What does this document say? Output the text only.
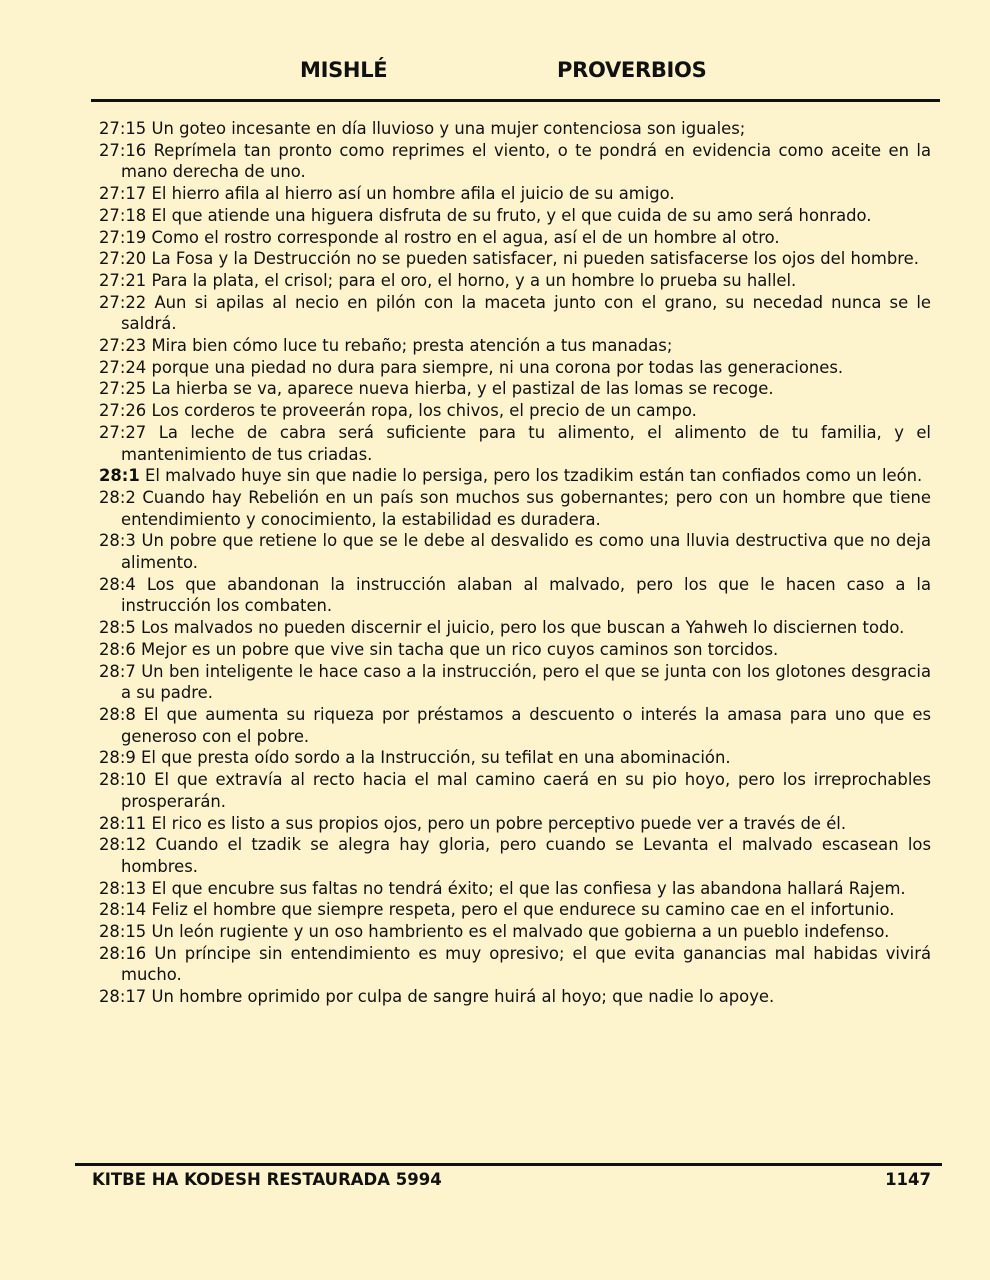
MISHLÉ	PROVERBIOS
27:15 Un goteo incesante en día lluvioso y una mujer contenciosa son iguales;
27:16 Reprímela tan pronto como reprimes el viento, o te pondrá en evidencia como aceite en la mano derecha de uno.
27:17 El hierro afila al hierro así un hombre afila el juicio de su amigo.
27:18 El que atiende una higuera disfruta de su fruto, y el que cuida de su amo será honrado.
27:19 Como el rostro corresponde al rostro en el agua, así el de un hombre al otro.
27:20 La Fosa y la Destrucción no se pueden satisfacer, ni pueden satisfacerse los ojos del hombre.
27:21 Para la plata, el crisol; para el oro, el horno, y a un hombre lo prueba su hallel.
27:22 Aun si apilas al necio en pilón con la maceta junto con el grano, su necedad nunca se le saldrá.
27:23 Mira bien cómo luce tu rebaño; presta atención a tus manadas;
27:24 porque una piedad no dura para siempre, ni una corona por todas las generaciones.
27:25 La hierba se va, aparece nueva hierba, y el pastizal de las lomas se recoge.
27:26 Los corderos te proveerán ropa, los chivos, el precio de un campo.
27:27 La leche de cabra será suficiente para tu alimento, el alimento de tu familia, y el mantenimiento de tus criadas.
28:1 El malvado huye sin que nadie lo persiga, pero los tzadikim están tan confiados como un león.
28:2 Cuando hay Rebelión en un país son muchos sus gobernantes; pero con un hombre que tiene entendimiento y conocimiento, la estabilidad es duradera.
28:3 Un pobre que retiene lo que se le debe al desvalido es como una lluvia destructiva que no deja alimento.
28:4 Los que abandonan la instrucción alaban al malvado, pero los que le hacen caso a la instrucción los combaten.
28:5 Los malvados no pueden discernir el juicio, pero los que buscan a Yahweh lo disciernen todo.
28:6 Mejor es un pobre que vive sin tacha que un rico cuyos caminos son torcidos.
28:7 Un ben inteligente le hace caso a la instrucción, pero el que se junta con los glotones desgracia a su padre.
28:8 El que aumenta su riqueza por préstamos a descuento o interés la amasa para uno que es generoso con el pobre.
28:9 El que presta oído sordo a la Instrucción, su tefilat en una abominación.
28:10 El que extravía al recto hacia el mal camino caerá en su pio hoyo, pero los irreprochables prosperarán.
28:11 El rico es listo a sus propios ojos, pero un pobre perceptivo puede ver a través de él.
28:12 Cuando el tzadik se alegra hay gloria, pero cuando se Levanta el malvado escasean los hombres.
28:13 El que encubre sus faltas no tendrá éxito; el que las confiesa y las abandona hallará Rajem.
28:14 Feliz el hombre que siempre respeta, pero el que endurece su camino cae en el infortunio.
28:15 Un león rugiente y un oso hambriento es el malvado que gobierna a un pueblo indefenso.
28:16 Un príncipe sin entendimiento es muy opresivo; el que evita ganancias mal habidas vivirá mucho.
28:17 Un hombre oprimido por culpa de sangre huirá al hoyo; que nadie lo apoye.
KITBE HA KODESH RESTAURADA 5994	1147
